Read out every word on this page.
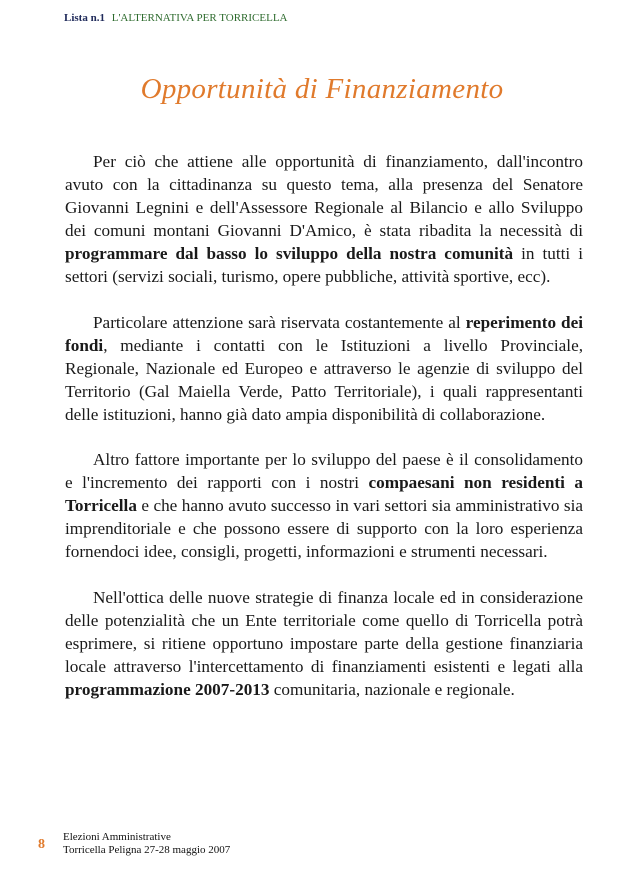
Lista n.1 L'ALTERNATIVA PER TORRICELLA
Opportunità di Finanziamento

Per ciò che attiene alle opportunità di finanziamento, dall'incontro avuto con la cittadinanza su questo tema, alla presenza del Senatore Giovanni Legnini e dell'Assessore Regionale al Bilancio e allo Sviluppo dei comuni montani Giovanni D'Amico, è stata ribadita la necessità di programmare dal basso lo sviluppo della nostra comunità in tutti i settori (servizi sociali, turismo, opere pubbliche, attività sportive, ecc).

Particolare attenzione sarà riservata costantemente al reperimento dei fondi, mediante i contatti con le Istituzioni a livello Provinciale, Regionale, Nazionale ed Europeo e attraverso le agenzie di sviluppo del Territorio (Gal Maiella Verde, Patto Territoriale), i quali rappresentanti delle istituzioni, hanno già dato ampia disponibilità di collaborazione.

Altro fattore importante per lo sviluppo del paese è il consolidamento e l'incremento dei rapporti con i nostri compaesani non residenti a Torricella e che hanno avuto successo in vari settori sia amministrativo sia imprenditoriale e che possono essere di supporto con la loro esperienza fornendoci idee, consigli, progetti, informazioni e strumenti necessari.

Nell'ottica delle nuove strategie di finanza locale ed in considerazione delle potenzialità che un Ente territoriale come quello di Torricella potrà esprimere, si ritiene opportuno impostare parte della gestione finanziaria locale attraverso l'intercettamento di finanziamenti esistenti e legati alla programmazione 2007-2013 comunitaria, nazionale e regionale.

8 Elezioni Amministrative
Torricella Peligna 27-28 maggio 2007
